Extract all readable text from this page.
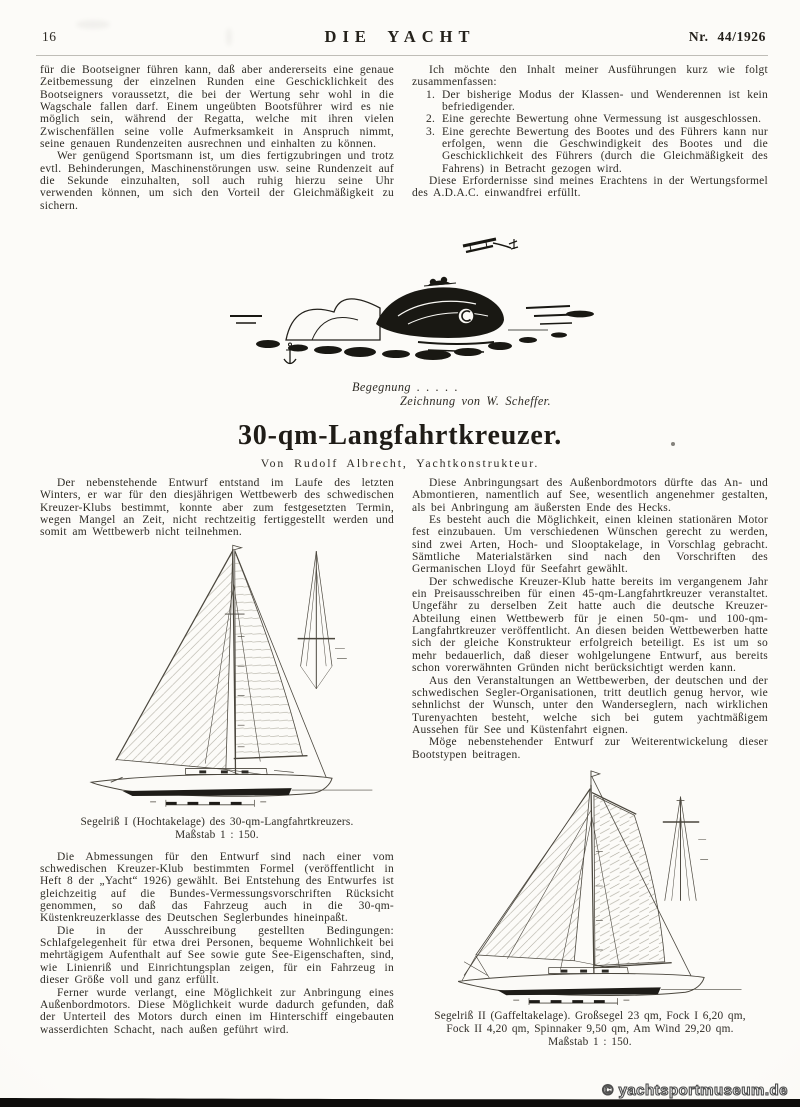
16	DIE YACHT	Nr. 44/1926

für die Bootseigner führen kann, daß aber andererseits eine genaue Zeitbemessung der einzelnen Runden eine Geschicklichkeit des Bootseigners voraussetzt, die bei der Wertung sehr wohl in die Wagschale fallen darf. Einem ungeübten Bootsführer wird es nie möglich sein, während der Regatta, welche mit ihren vielen Zwischenfällen seine volle Aufmerksamkeit in Anspruch nimmt, seine genauen Rundenzeiten ausrechnen und einhalten zu können.

Wer genügend Sportsmann ist, um dies fertigzubringen und trotz evtl. Behinderungen, Maschinenstörungen usw. seine Rundenzeit auf die Sekunde einzuhalten, soll auch ruhig hierzu seine Uhr verwenden können, um sich den Vorteil der Gleichmäßigkeit zu sichern.

Ich möchte den Inhalt meiner Ausführungen kurz wie folgt zusammenfassen:

1. Der bisherige Modus der Klassen- und Wenderennen ist kein befriedigender.
2. Eine gerechte Bewertung ohne Vermessung ist ausgeschlossen.
3. Eine gerechte Bewertung des Bootes und des Führers kann nur erfolgen, wenn die Geschwindigkeit des Bootes und die Geschicklichkeit des Führers (durch die Gleichmäßigkeit des Fahrens) in Betracht gezogen wird.

Diese Erfordernisse sind meines Erachtens in der Wertungsformel des A.D.A.C. einwandfrei erfüllt.

Begegnung . . . . .
Zeichnung von W. Scheffer.
30-qm-Langfahrtkreuzer.
Von Rudolf Albrecht, Yachtkonstrukteur.

Der nebenstehende Entwurf entstand im Laufe des letzten Winters, er war für den diesjährigen Wettbewerb des schwedischen Kreuzer-Klubs bestimmt, konnte aber zum festgesetzten Termin, wegen Mangel an Zeit, nicht rechtzeitig fertiggestellt werden und somit am Wettbewerb nicht teilnehmen.

Segelriß I (Hochtakelage) des 30-qm-Langfahrtkreuzers.

Maßstab 1 : 150.

Die Abmessungen für den Entwurf sind nach einer vom schwedischen Kreuzer-Klub bestimmten Formel (veröffentlicht in Heft 8 der „Yacht“ 1926) gewählt. Bei Entstehung des Entwurfes ist gleichzeitig auf die Bundes-Vermessungsvorschriften Rücksicht genommen, so daß das Fahrzeug auch in die 30-qm-Küstenkreuzerklasse des Deutschen Seglerbundes hineinpaßt.

Die in der Ausschreibung gestellten Bedingungen: Schlafgelegenheit für etwa drei Personen, bequeme Wohnlichkeit bei mehrtägigem Aufenthalt auf See sowie gute See-Eigenschaften, sind, wie Linienriß und Einrichtungsplan zeigen, für ein Fahrzeug in dieser Größe voll und ganz erfüllt.

Ferner wurde verlangt, eine Möglichkeit zur Anbringung eines Außenbordmotors. Diese Möglichkeit wurde dadurch gefunden, daß der Unterteil des Motors durch einen im Hinterschiff eingebauten wasserdichten Schacht, nach außen geführt wird.

Diese Anbringungsart des Außenbordmotors dürfte das An- und Abmontieren, namentlich auf See, wesentlich angenehmer gestalten, als bei Anbringung am äußersten Ende des Hecks.

Es besteht auch die Möglichkeit, einen kleinen stationären Motor fest einzubauen. Um verschiedenen Wünschen gerecht zu werden, sind zwei Arten, Hoch- und Slooptakelage, in Vorschlag gebracht. Sämtliche Materialstärken sind nach den Vorschriften des Germanischen Lloyd für Seefahrt gewählt.

Der schwedische Kreuzer-Klub hatte bereits im vergangenem Jahr ein Preisausschreiben für einen 45-qm-Langfahrtkreuzer veranstaltet. Ungefähr zu derselben Zeit hatte auch die deutsche Kreuzer-Abteilung einen Wettbewerb für je einen 50-qm- und 100-qm-Langfahrtkreuzer veröffentlicht. An diesen beiden Wettbewerben hatte sich der gleiche Konstrukteur erfolgreich beteiligt. Es ist um so mehr bedauerlich, daß dieser wohlgelungene Entwurf, aus bereits schon vorerwähnten Gründen nicht berücksichtigt werden kann.

Aus den Veranstaltungen an Wettbewerben, der deutschen und der schwedischen Segler-Organisationen, tritt deutlich genug hervor, wie sehnlichst der Wunsch, unter den Wanderseglern, nach wirklichen Turenyachten besteht, welche sich bei gutem yachtmäßigem Aussehen für See und Küstenfahrt eignen.

Möge nebenstehender Entwurf zur Weiterentwickelung dieser Bootstypen beitragen.

Segelriß II (Gaffeltakelage). Großsegel 23 qm, Fock I 6,20 qm,

Fock II 4,20 qm, Spinnaker 9,50 qm, Am Wind 29,20 qm.

Maßstab 1 : 150.

© yachtsportmuseum.de
